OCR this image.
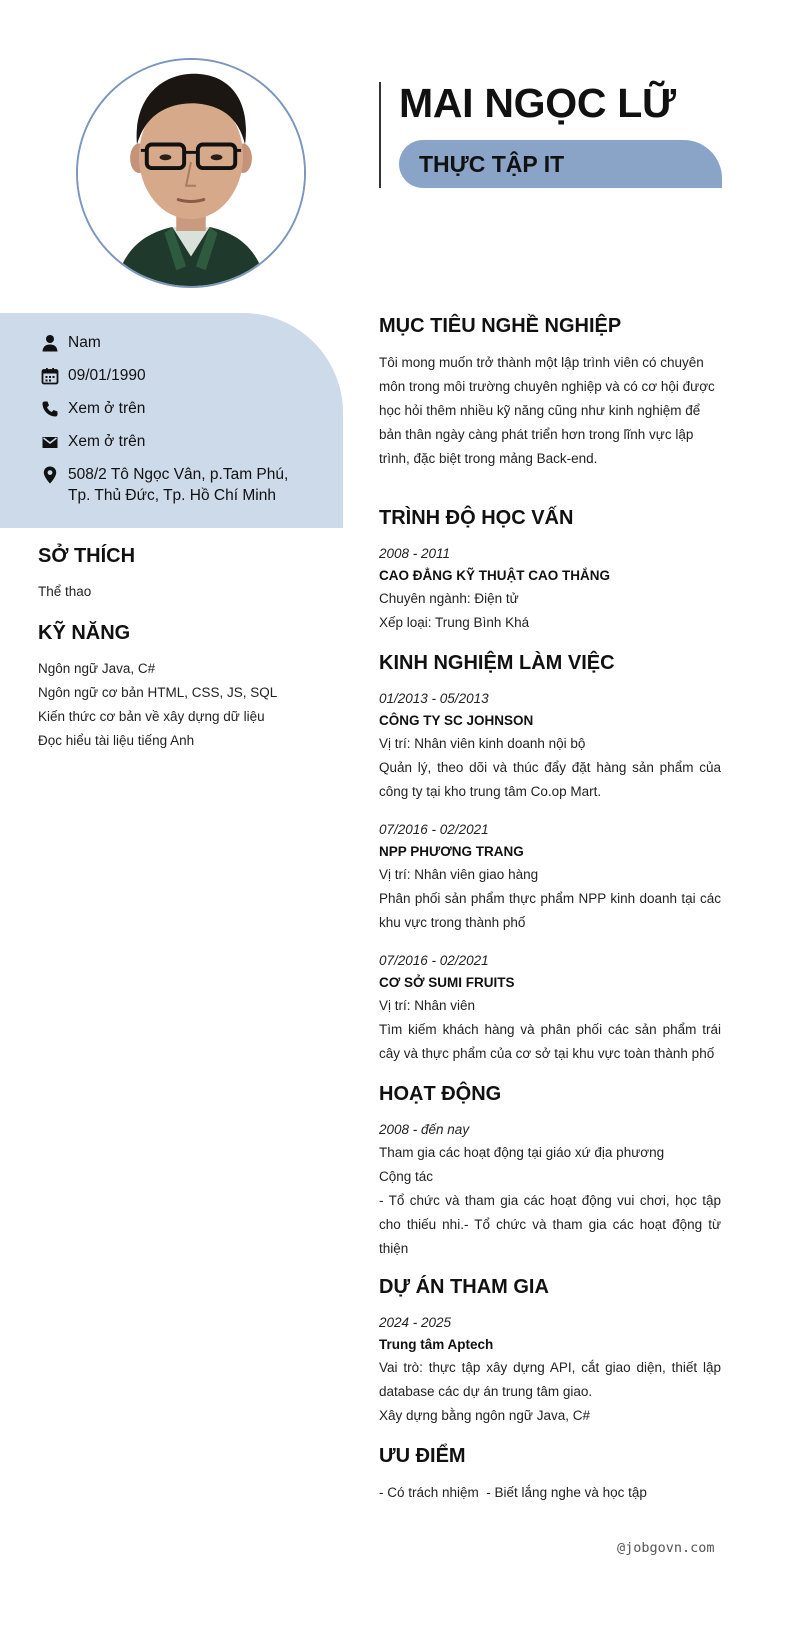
MAI NGỌC LỮ
THỰC TẬP IT
Nam
09/01/1990
Xem ở trên
Xem ở trên
508/2 Tô Ngọc Vân, p.Tam Phú, Tp. Thủ Đức, Tp. Hồ Chí Minh
SỞ THÍCH
Thể thao
KỸ NĂNG
Ngôn ngữ Java, C#
Ngôn ngữ cơ bản HTML, CSS, JS, SQL
Kiến thức cơ bản về xây dựng dữ liệu
Đọc hiểu tài liệu tiếng Anh
MỤC TIÊU NGHỀ NGHIỆP
Tôi mong muốn trở thành một lập trình viên có chuyên môn trong môi trường chuyên nghiệp và có cơ hội được học hỏi thêm nhiều kỹ năng cũng như kinh nghiệm để bản thân ngày càng phát triển hơn trong lĩnh vực lập trình, đặc biệt trong mảng Back-end.
TRÌNH ĐỘ HỌC VẤN
2008 - 2011
CAO ĐẲNG KỸ THUẬT CAO THẮNG
Chuyên ngành: Điện tử
Xếp loại: Trung Bình Khá
KINH NGHIỆM LÀM VIỆC
01/2013 - 05/2013
CÔNG TY SC JOHNSON
Vị trí: Nhân viên kinh doanh nội bộ
Quản lý, theo dõi và thúc đẩy đặt hàng sản phẩm của công ty tại kho trung tâm Co.op Mart.
07/2016 - 02/2021
NPP PHƯƠNG TRANG
Vị trí: Nhân viên giao hàng
Phân phối sản phẩm thực phẩm NPP kinh doanh tại các khu vực trong thành phố
07/2016 - 02/2021
CƠ SỞ SUMI FRUITS
Vị trí: Nhân viên
Tìm kiếm khách hàng và phân phối các sản phẩm trái cây và thực phẩm của cơ sở tại khu vực toàn thành phố
HOẠT ĐỘNG
2008 - đến nay
Tham gia các hoạt động tại giáo xứ địa phương
Cộng tác
- Tổ chức và tham gia các hoạt động vui chơi, học tập cho thiếu nhi.- Tổ chức và tham gia các hoạt động từ thiện
DỰ ÁN THAM GIA
2024 - 2025
Trung tâm Aptech
Vai trò: thực tập xây dựng API, cắt giao diện, thiết lập database các dự án trung tâm giao.
Xây dựng bằng ngôn ngữ Java, C#
ƯU ĐIỂM
- Có trách nhiệm  - Biết lắng nghe và học tập
@jobgovn.com
